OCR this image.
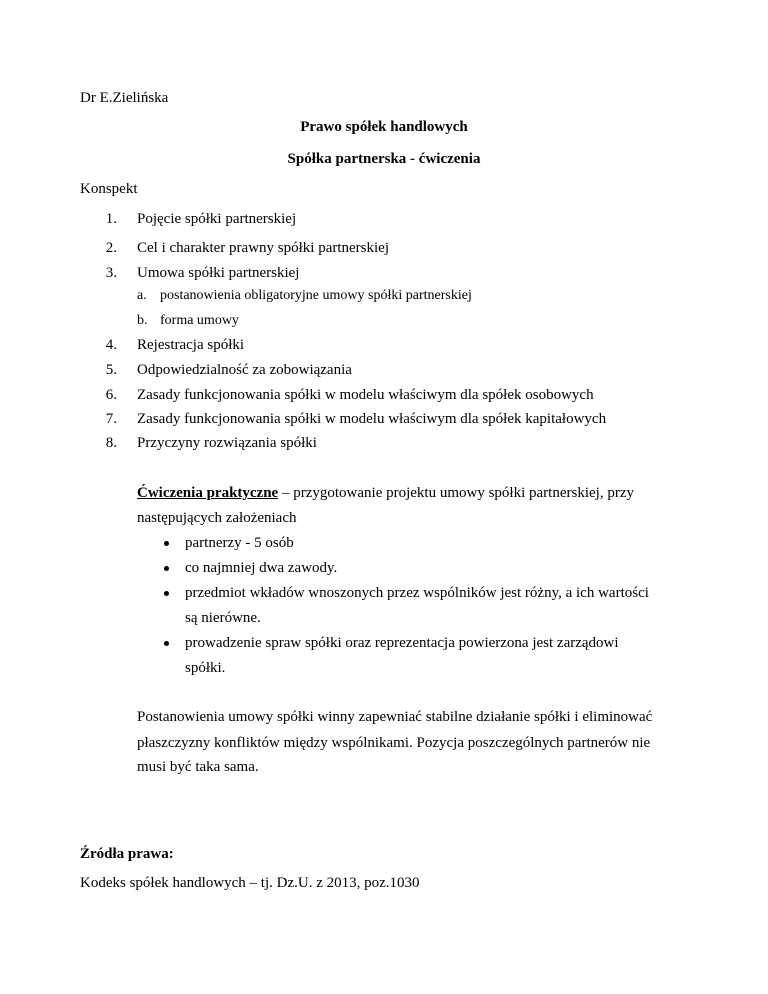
Dr E.Zielińska
Prawo spółek handlowych
Spółka partnerska - ćwiczenia
Konspekt
1. Pojęcie spółki partnerskiej
2. Cel i charakter prawny spółki partnerskiej
3. Umowa spółki partnerskiej
a. postanowienia obligatoryjne umowy spółki partnerskiej
b. forma umowy
4. Rejestracja spółki
5. Odpowiedzialność za zobowiązania
6. Zasady funkcjonowania spółki w modelu właściwym dla spółek osobowych
7. Zasady funkcjonowania spółki w modelu właściwym dla spółek kapitałowych
8. Przyczyny rozwiązania spółki
Ćwiczenia praktyczne – przygotowanie projektu umowy spółki partnerskiej, przy
następujących założeniach
partnerzy - 5 osób
co najmniej dwa zawody.
przedmiot wkładów wnoszonych przez wspólników jest różny, a ich wartości
są nierówne.
prowadzenie spraw spółki oraz reprezentacja powierzona jest zarządowi
spółki.
Postanowienia umowy spółki winny zapewniać stabilne działanie spółki i eliminować
płaszczyzny konfliktów między wspólnikami. Pozycja poszczególnych partnerów nie
musi być taka sama.
Źródła prawa:
Kodeks spółek handlowych – tj. Dz.U. z 2013, poz.1030
